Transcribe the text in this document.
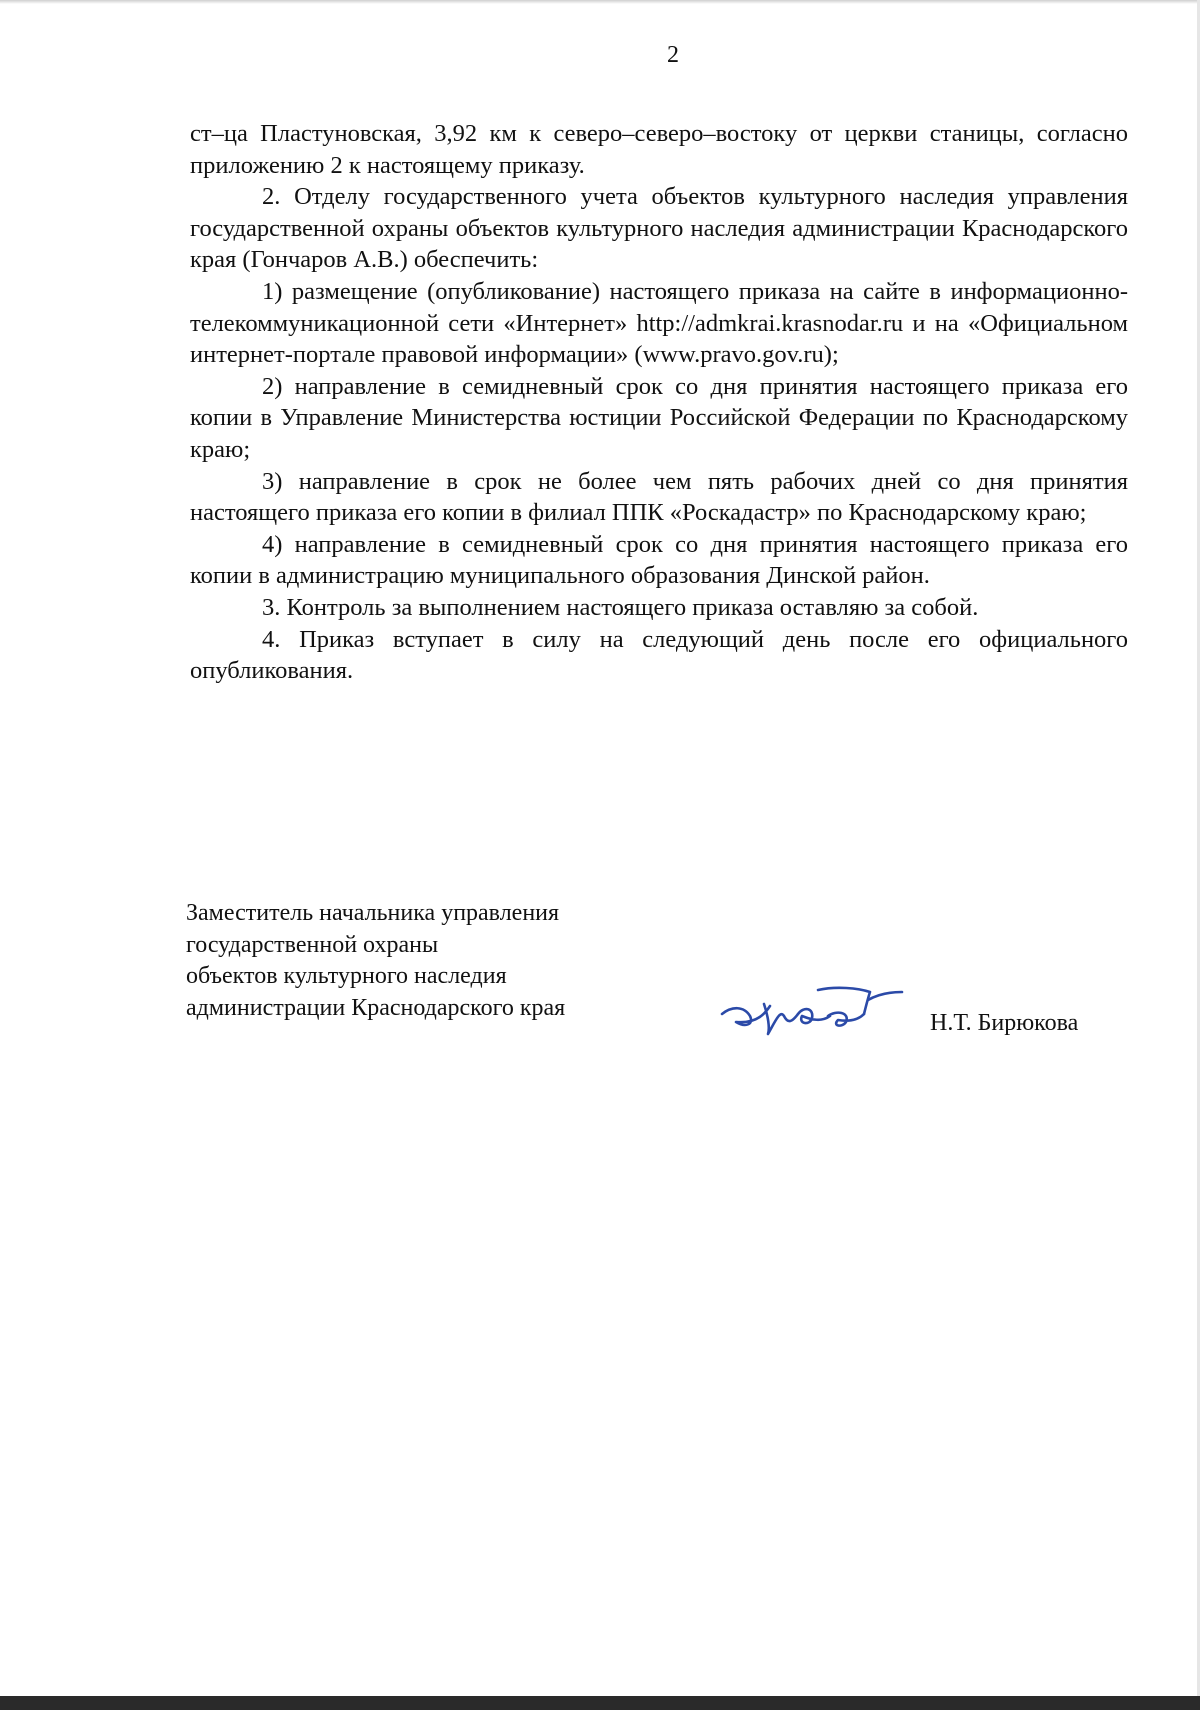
2

ст–ца Пластуновская, 3,92 км к северо–северо–востоку от церкви станицы, согласно приложению 2 к настоящему приказу.

2. Отделу государственного учета объектов культурного наследия управления государственной охраны объектов культурного наследия администрации Краснодарского края (Гончаров А.В.) обеспечить:

1) размещение (опубликование) настоящего приказа на сайте в информационно-телекоммуникационной сети «Интернет» http://admkrai.krasnodar.ru и на «Официальном интернет-портале правовой информации» (www.pravo.gov.ru);

2) направление в семидневный срок со дня принятия настоящего приказа его копии в Управление Министерства юстиции Российской Федерации по Краснодарскому краю;

3) направление в срок не более чем пять рабочих дней со дня принятия настоящего приказа его копии в филиал ППК «Роскадастр» по Краснодарскому краю;

4) направление в семидневный срок со дня принятия настоящего приказа его копии в администрацию муниципального образования Динской район.

3. Контроль за выполнением настоящего приказа оставляю за собой.

4. Приказ вступает в силу на следующий день после его официального опубликования.

Заместитель начальника управления
государственной охраны
объектов культурного наследия
администрации Краснодарского края
Н.Т. Бирюкова
